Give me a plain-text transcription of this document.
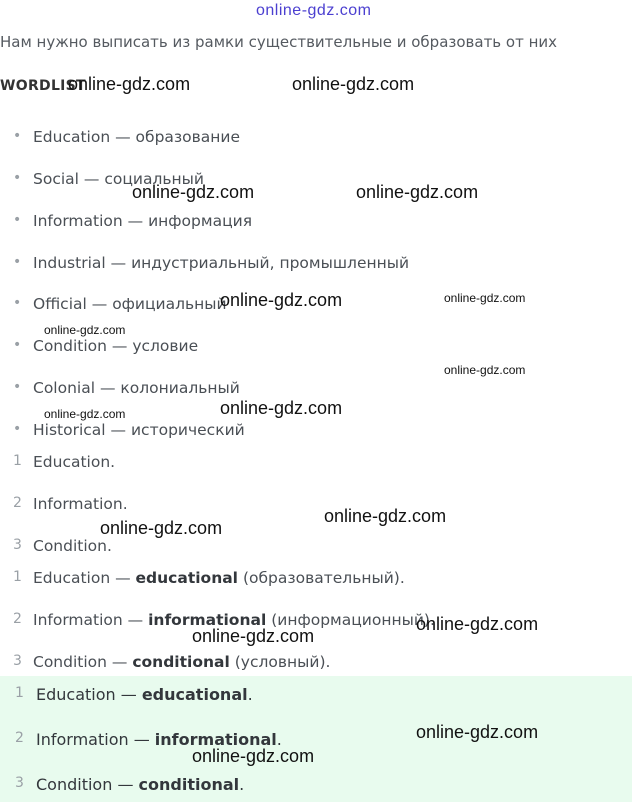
online-gdz.com
Нам нужно выписать из рамки существительные и образовать от них
WORDLIST
• Education — образование
• Social — социальный
• Information — информация
• Industrial — индустриальный, промышленный
• Official — официальный
• Condition — условие
• Colonial — колониальный
• Historical — исторический
1 Education.
2 Information.
3 Condition.
1 Education — educational (образовательный).
2 Information — informational (информационный).
3 Condition — conditional (условный).
1 Education — educational.
2 Information — informational.
3 Condition — conditional.
online-gdz.com	online-gdz.com
online-gdz.com	online-gdz.com
online-gdz.com	online-gdz.com
online-gdz.com
online-gdz.com
online-gdz.com
online-gdz.com
online-gdz.com
online-gdz.com
online-gdz.com
online-gdz.com
online-gdz.com
online-gdz.com
